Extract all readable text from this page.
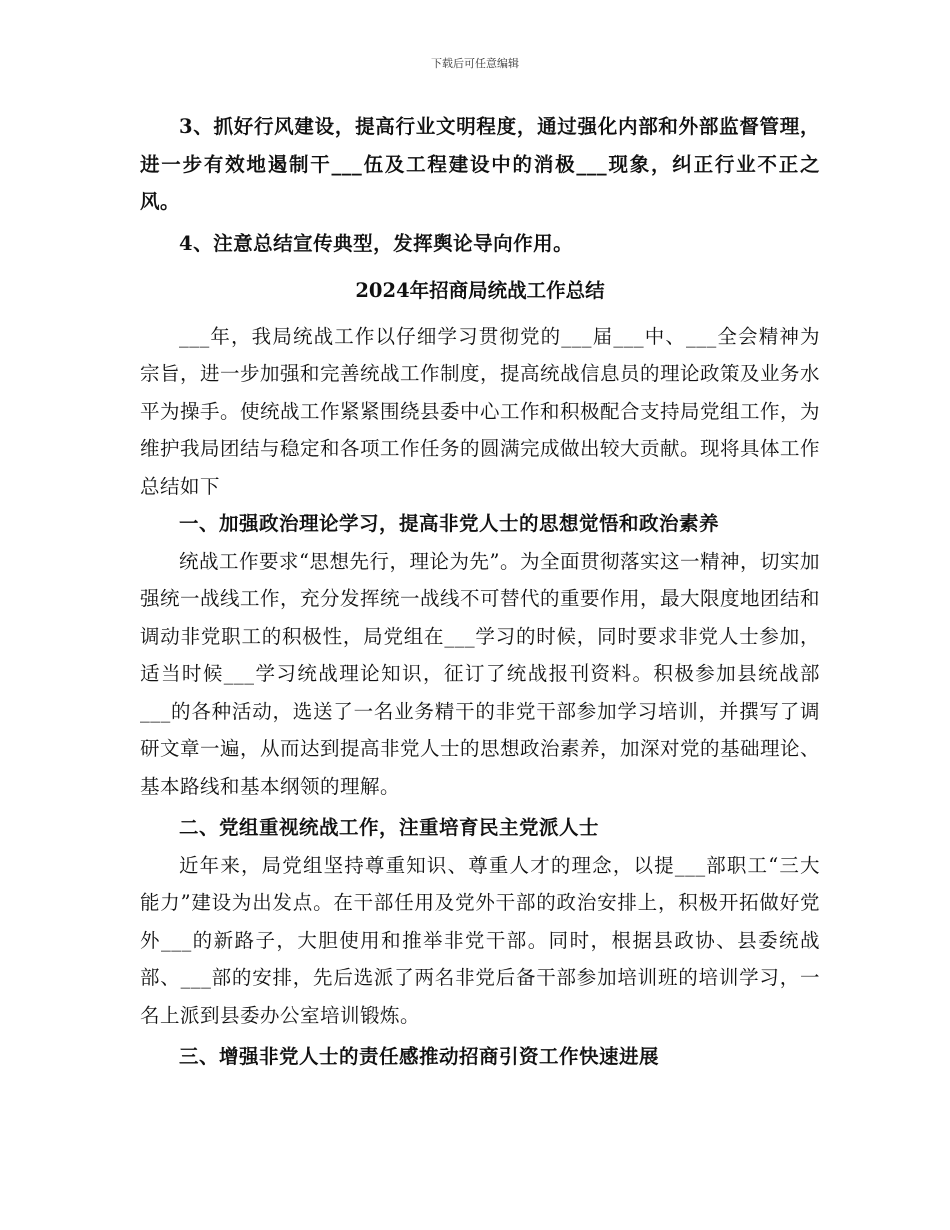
下载后可任意编辑

3、抓好行风建设，提高行业文明程度，通过强化内部和外部监督管理，进一步有效地遏制干___伍及工程建设中的消极___现象，纠正行业不正之风。

4、注意总结宣传典型，发挥舆论导向作用。

2024年招商局统战工作总结

___年，我局统战工作以仔细学习贯彻党的___届___中、___全会精神为宗旨，进一步加强和完善统战工作制度，提高统战信息员的理论政策及业务水平为操手。使统战工作紧紧围绕县委中心工作和积极配合支持局党组工作，为维护我局团结与稳定和各项工作任务的圆满完成做出较大贡献。现将具体工作总结如下

一、加强政治理论学习，提高非党人士的思想觉悟和政治素养

统战工作要求“思想先行，理论为先”。为全面贯彻落实这一精神，切实加强统一战线工作，充分发挥统一战线不可替代的重要作用，最大限度地团结和调动非党职工的积极性，局党组在___学习的时候，同时要求非党人士参加，适当时候___学习统战理论知识，征订了统战报刊资料。积极参加县统战部___的各种活动，选送了一名业务精干的非党干部参加学习培训，并撰写了调研文章一遍，从而达到提高非党人士的思想政治素养，加深对党的基础理论、基本路线和基本纲领的理解。

二、党组重视统战工作，注重培育民主党派人士

近年来，局党组坚持尊重知识、尊重人才的理念，以提___部职工“三大能力”建设为出发点。在干部任用及党外干部的政治安排上，积极开拓做好党外___的新路子，大胆使用和推举非党干部。同时，根据县政协、县委统战部、___部的安排，先后选派了两名非党后备干部参加培训班的培训学习，一名上派到县委办公室培训锻炼。

三、增强非党人士的责任感推动招商引资工作快速进展
